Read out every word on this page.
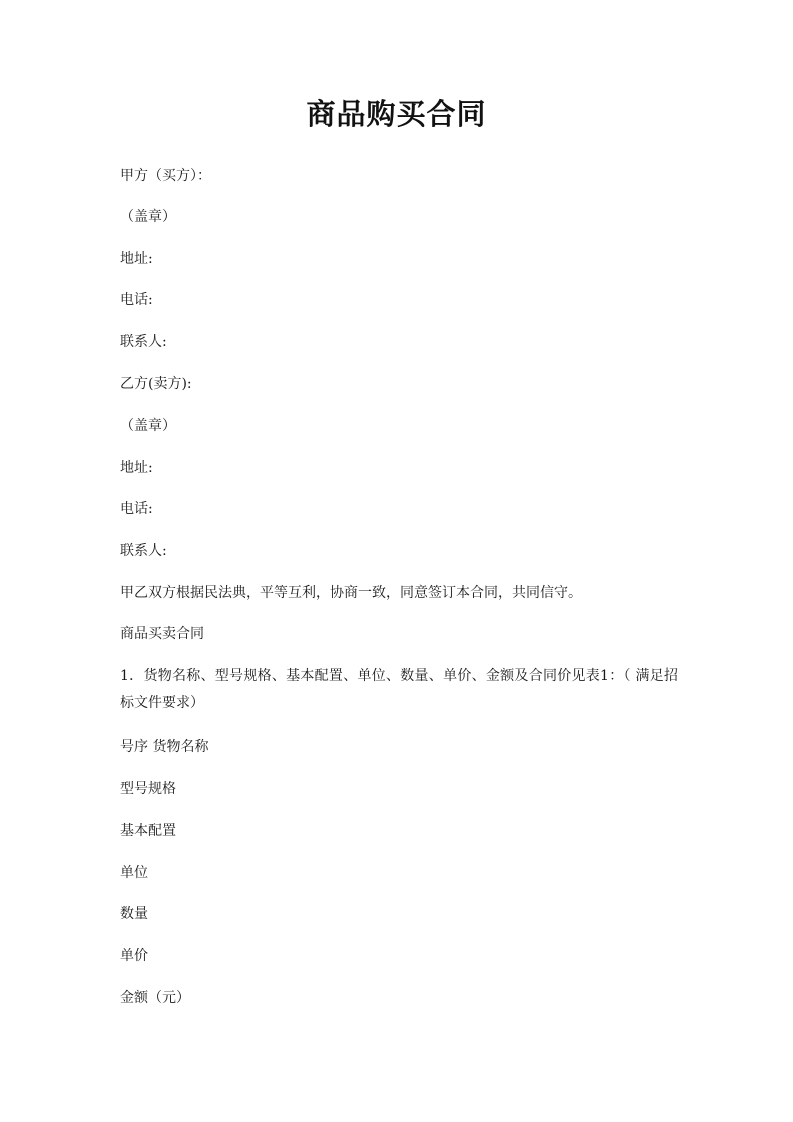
商品购买合同
甲方（买方）：
（盖章）
地址:
电话:
联系人:
乙方(卖方):
（盖章）
地址:
电话:
联系人:
甲乙双方根据民法典，平等互利，协商一致，同意签订本合同，共同信守。
商品买卖合同
1．货物名称、型号规格、基本配置、单位、数量、单价、金额及合同价见表1：（ 满足招标文件要求）
号序 货物名称
型号规格
基本配置
单位
数量
单价
金额（元）
